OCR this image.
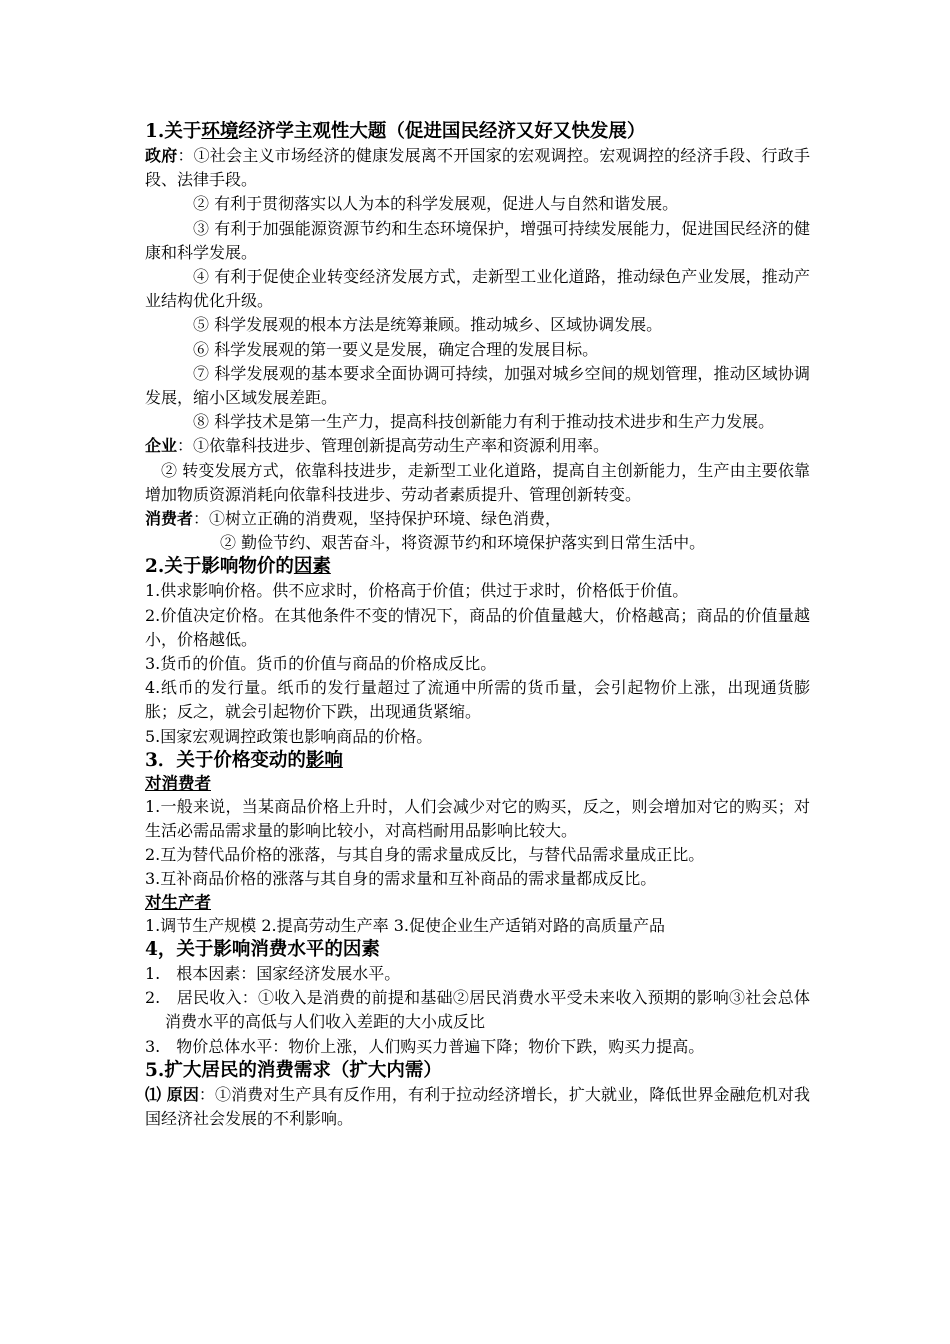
1.关于环境经济学主观性大题（促进国民经济又好又快发展）

政府：①社会主义市场经济的健康发展离不开国家的宏观调控。宏观调控的经济手段、行政手段、法律手段。

② 有利于贯彻落实以人为本的科学发展观，促进人与自然和谐发展。

③ 有利于加强能源资源节约和生态环境保护，增强可持续发展能力，促进国民经济的健康和科学发展。

④ 有利于促使企业转变经济发展方式，走新型工业化道路，推动绿色产业发展，推动产业结构优化升级。

⑤ 科学发展观的根本方法是统筹兼顾。推动城乡、区域协调发展。

⑥ 科学发展观的第一要义是发展，确定合理的发展目标。

⑦ 科学发展观的基本要求全面协调可持续，加强对城乡空间的规划管理，推动区域协调发展，缩小区域发展差距。

⑧ 科学技术是第一生产力，提高科技创新能力有利于推动技术进步和生产力发展。

企业：①依靠科技进步、管理创新提高劳动生产率和资源利用率。

② 转变发展方式，依靠科技进步，走新型工业化道路，提高自主创新能力，生产由主要依靠增加物质资源消耗向依靠科技进步、劳动者素质提升、管理创新转变。

消费者：①树立正确的消费观，坚持保护环境、绿色消费，

② 勤俭节约、艰苦奋斗，将资源节约和环境保护落实到日常生活中。

2.关于影响物价的因素

1.供求影响价格。供不应求时，价格高于价值；供过于求时，价格低于价值。

2.价值决定价格。在其他条件不变的情况下，商品的价值量越大，价格越高；商品的价值量越小，价格越低。

3.货币的价值。货币的价值与商品的价格成反比。

4.纸币的发行量。纸币的发行量超过了流通中所需的货币量，会引起物价上涨，出现通货膨胀；反之，就会引起物价下跌，出现通货紧缩。

5.国家宏观调控政策也影响商品的价格。

3．关于价格变动的影响

对消费者

1.一般来说，当某商品价格上升时，人们会减少对它的购买，反之，则会增加对它的购买；对生活必需品需求量的影响比较小，对高档耐用品影响比较大。

2.互为替代品价格的涨落，与其自身的需求量成反比，与替代品需求量成正比。

3.互补商品价格的涨落与其自身的需求量和互补商品的需求量都成反比。

对生产者

1.调节生产规模 2.提高劳动生产率 3.促使企业生产适销对路的高质量产品

4，关于影响消费水平的因素

1.　根本因素：国家经济发展水平。

2.　居民收入：①收入是消费的前提和基础②居民消费水平受未来收入预期的影响③社会总体消费水平的高低与人们收入差距的大小成反比

3.　物价总体水平：物价上涨，人们购买力普遍下降；物价下跌，购买力提高。

5.扩大居民的消费需求（扩大内需）

⑴ 原因：①消费对生产具有反作用，有利于拉动经济增长，扩大就业，降低世界金融危机对我国经济社会发展的不利影响。
